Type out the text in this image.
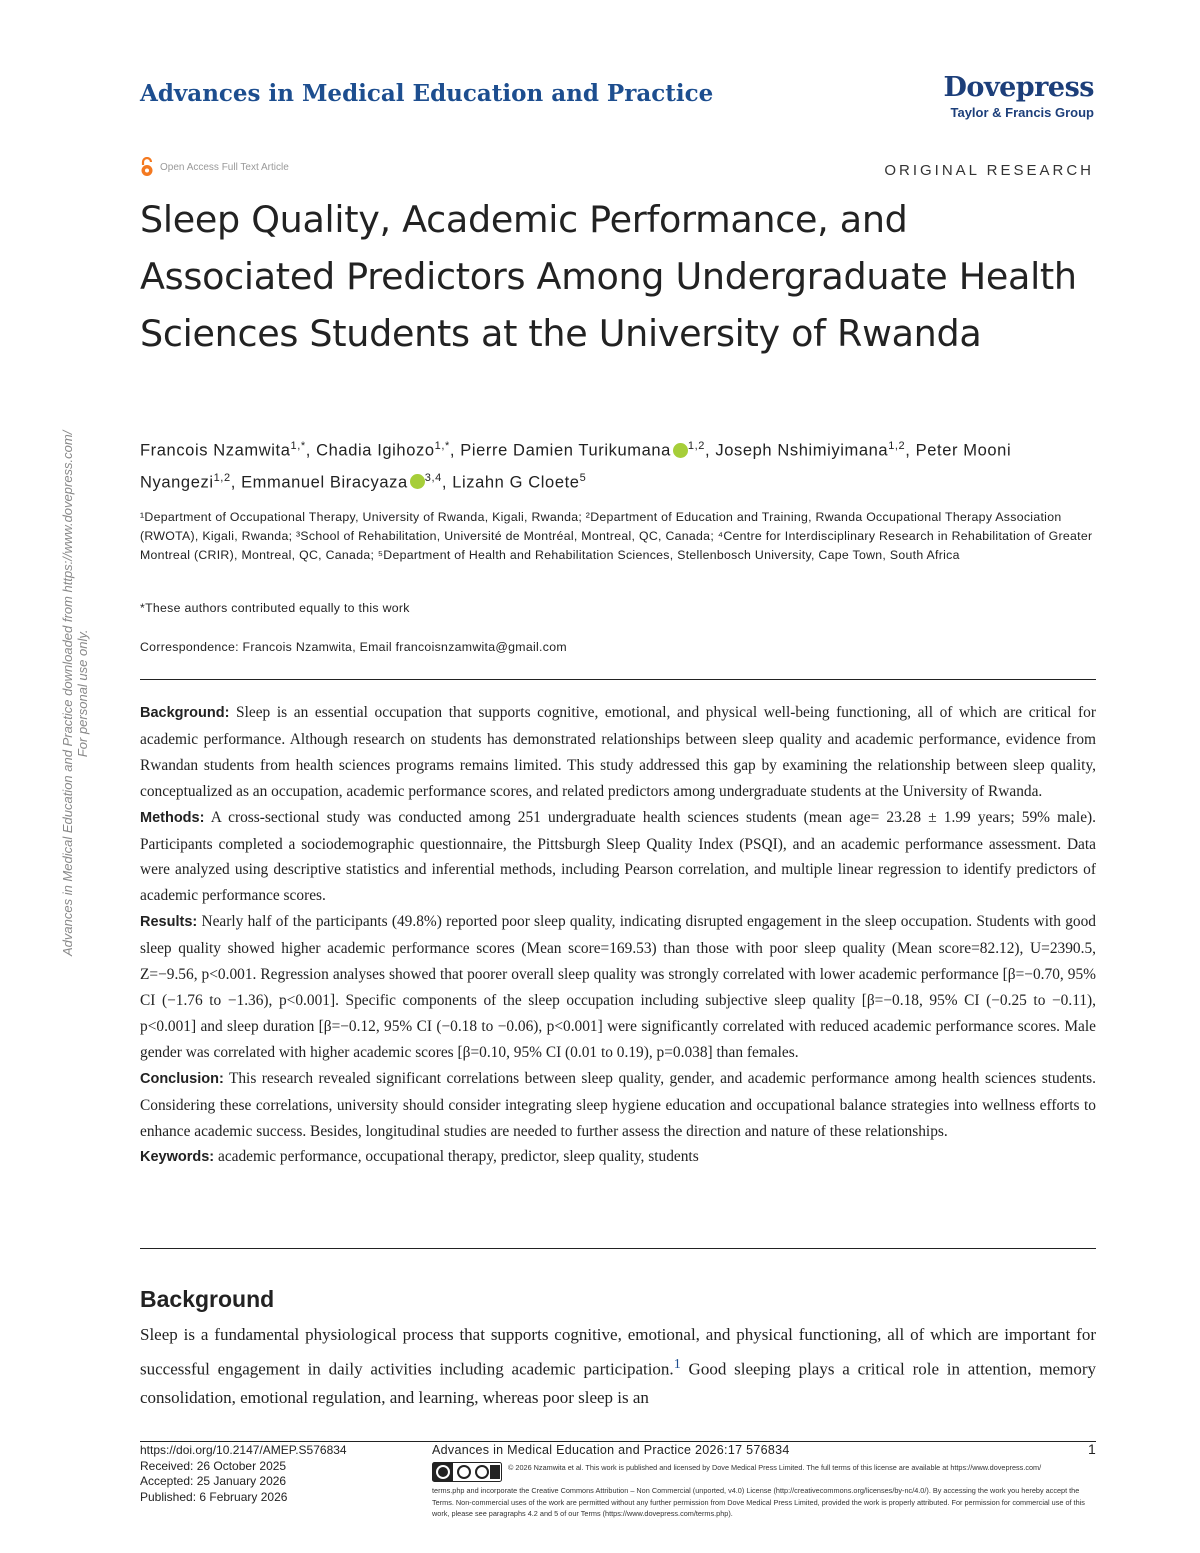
Advances in Medical Education and Practice downloaded from https://www.dovepress.com/ For personal use only.
Advances in Medical Education and Practice	Dovepress
Taylor & Francis Group
Open Access Full Text Article	ORIGINAL RESEARCH
Sleep Quality, Academic Performance, and Associated Predictors Among Undergraduate Health Sciences Students at the University of Rwanda
Francois Nzamwita$^{1,*}$, Chadia Igihozo$^{1,*}$, Pierre Damien Turikumana $^{1,2}$, Joseph Nshimiyimana$^{1,2}$, Peter Mooni Nyangezi$^{1,2}$, Emmanuel Biracyaza $^{3,4}$, Lizahn G Cloete$^5$
¹Department of Occupational Therapy, University of Rwanda, Kigali, Rwanda; ²Department of Education and Training, Rwanda Occupational Therapy Association (RWOTA), Kigali, Rwanda; ³School of Rehabilitation, Université de Montréal, Montreal, QC, Canada; ⁴Centre for Interdisciplinary Research in Rehabilitation of Greater Montreal (CRIR), Montreal, QC, Canada; ⁵Department of Health and Rehabilitation Sciences, Stellenbosch University, Cape Town, South Africa
*These authors contributed equally to this work
Correspondence: Francois Nzamwita, Email francoisnzamwita@gmail.com

Background: Sleep is an essential occupation that supports cognitive, emotional, and physical well-being functioning, all of which are critical for academic performance. Although research on students has demonstrated relationships between sleep quality and academic performance, evidence from Rwandan students from health sciences programs remains limited. This study addressed this gap by examining the relationship between sleep quality, conceptualized as an occupation, academic performance scores, and related predictors among undergraduate students at the University of Rwanda.

Methods: A cross-sectional study was conducted among 251 undergraduate health sciences students (mean age= 23.28 ± 1.99 years; 59% male). Participants completed a sociodemographic questionnaire, the Pittsburgh Sleep Quality Index (PSQI), and an academic performance assessment. Data were analyzed using descriptive statistics and inferential methods, including Pearson correlation, and multiple linear regression to identify predictors of academic performance scores.

Results: Nearly half of the participants (49.8%) reported poor sleep quality, indicating disrupted engagement in the sleep occupation. Students with good sleep quality showed higher academic performance scores (Mean score=169.53) than those with poor sleep quality (Mean score=82.12), U=2390.5, Z=−9.56, p<0.001. Regression analyses showed that poorer overall sleep quality was strongly correlated with lower academic performance [β=−0.70, 95% CI (−1.76 to −1.36), p<0.001]. Specific components of the sleep occupation including subjective sleep quality [β=−0.18, 95% CI (−0.25 to −0.11), p<0.001] and sleep duration [β=−0.12, 95% CI (−0.18 to −0.06), p<0.001] were significantly correlated with reduced academic performance scores. Male gender was correlated with higher academic scores [β=0.10, 95% CI (0.01 to 0.19), p=0.038] than females.

Conclusion: This research revealed significant correlations between sleep quality, gender, and academic performance among health sciences students. Considering these correlations, university should consider integrating sleep hygiene education and occupational balance strategies into wellness efforts to enhance academic success. Besides, longitudinal studies are needed to further assess the direction and nature of these relationships.

Keywords: academic performance, occupational therapy, predictor, sleep quality, students

Background

Sleep is a fundamental physiological process that supports cognitive, emotional, and physical functioning, all of which are important for successful engagement in daily activities including academic participation.$^1$ Good sleeping plays a critical role in attention, memory consolidation, emotional regulation, and learning, whereas poor sleep is an

https://doi.org/10.2147/AMEP.S576834
Received: 26 October 2025
Accepted: 25 January 2026
Published: 6 February 2026
Advances in Medical Education and Practice 2026:17 576834	1
© 2026 Nzamwita et al. This work is published and licensed by Dove Medical Press Limited. The full terms of this license are available at https://www.dovepress.com/
terms.php and incorporate the Creative Commons Attribution – Non Commercial (unported, v4.0) License (http://creativecommons.org/licenses/by-nc/4.0/). By accessing the work you hereby accept the Terms. Non-commercial uses of the work are permitted without any further permission from Dove Medical Press Limited, provided the work is properly attributed. For permission for commercial use of this work, please see paragraphs 4.2 and 5 of our Terms (https://www.dovepress.com/terms.php).
